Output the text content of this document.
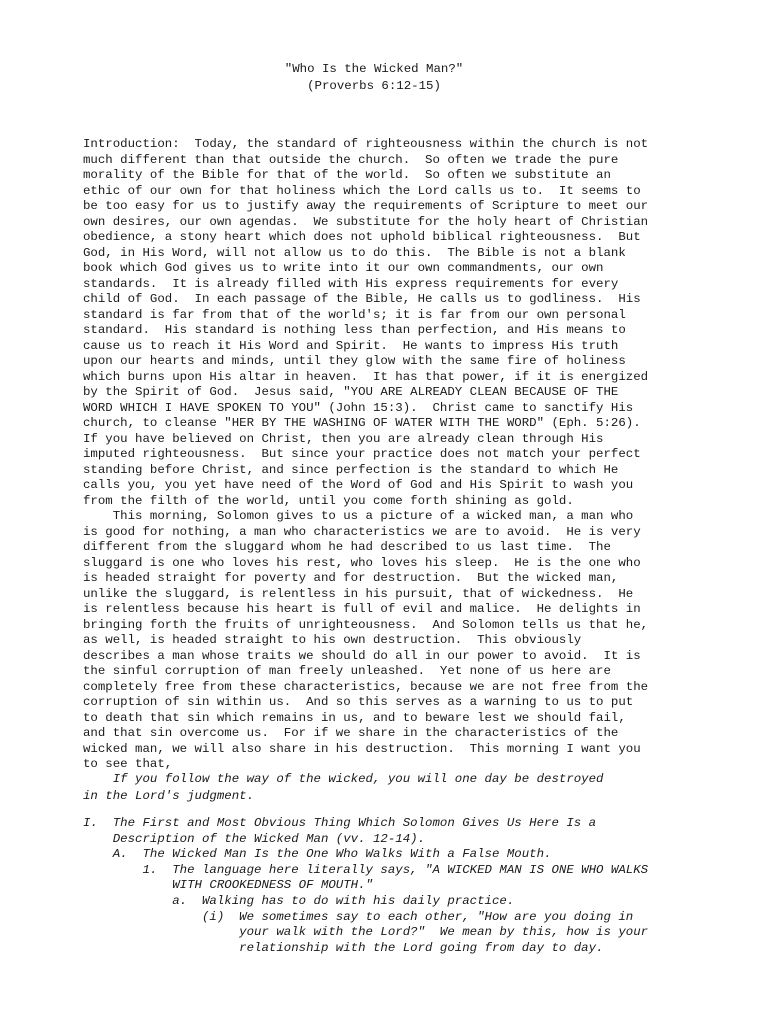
"Who Is the Wicked Man?"
(Proverbs 6:12-15)
Introduction:  Today, the standard of righteousness within the church is not
much different than that outside the church.  So often we trade the pure
morality of the Bible for that of the world.  So often we substitute an
ethic of our own for that holiness which the Lord calls us to.  It seems to
be too easy for us to justify away the requirements of Scripture to meet our
own desires, our own agendas.  We substitute for the holy heart of Christian
obedience, a stony heart which does not uphold biblical righteousness.  But
God, in His Word, will not allow us to do this.  The Bible is not a blank
book which God gives us to write into it our own commandments, our own
standards.  It is already filled with His express requirements for every
child of God.  In each passage of the Bible, He calls us to godliness.  His
standard is far from that of the world's; it is far from our own personal
standard.  His standard is nothing less than perfection, and His means to
cause us to reach it His Word and Spirit.  He wants to impress His truth
upon our hearts and minds, until they glow with the same fire of holiness
which burns upon His altar in heaven.  It has that power, if it is energized
by the Spirit of God.  Jesus said, "YOU ARE ALREADY CLEAN BECAUSE OF THE
WORD WHICH I HAVE SPOKEN TO YOU" (John 15:3).  Christ came to sanctify His
church, to cleanse "HER BY THE WASHING OF WATER WITH THE WORD" (Eph. 5:26).
If you have believed on Christ, then you are already clean through His
imputed righteousness.  But since your practice does not match your perfect
standing before Christ, and since perfection is the standard to which He
calls you, you yet have need of the Word of God and His Spirit to wash you
from the filth of the world, until you come forth shining as gold.
This morning, Solomon gives to us a picture of a wicked man, a man who
is good for nothing, a man who characteristics we are to avoid.  He is very
different from the sluggard whom he had described to us last time.  The
sluggard is one who loves his rest, who loves his sleep.  He is the one who
is headed straight for poverty and for destruction.  But the wicked man,
unlike the sluggard, is relentless in his pursuit, that of wickedness.  He
is relentless because his heart is full of evil and malice.  He delights in
bringing forth the fruits of unrighteousness.  And Solomon tells us that he,
as well, is headed straight to his own destruction.  This obviously
describes a man whose traits we should do all in our power to avoid.  It is
the sinful corruption of man freely unleashed.  Yet none of us here are
completely free from these characteristics, because we are not free from the
corruption of sin within us.  And so this serves as a warning to us to put
to death that sin which remains in us, and to beware lest we should fail,
and that sin overcome us.  For if we share in the characteristics of the
wicked man, we will also share in his destruction.  This morning I want you
to see that,
If you follow the way of the wicked, you will one day be destroyed
in the Lord's judgment.
I.  The First and Most Obvious Thing Which Solomon Gives Us Here Is a
Description of the Wicked Man (vv. 12-14).
A.  The Wicked Man Is the One Who Walks With a False Mouth.
1.  The language here literally says, "A WICKED MAN IS ONE WHO WALKS
WITH CROOKEDNESS OF MOUTH."
a.  Walking has to do with his daily practice.
(i)  We sometimes say to each other, "How are you doing in
your walk with the Lord?"  We mean by this, how is your
relationship with the Lord going from day to day.
